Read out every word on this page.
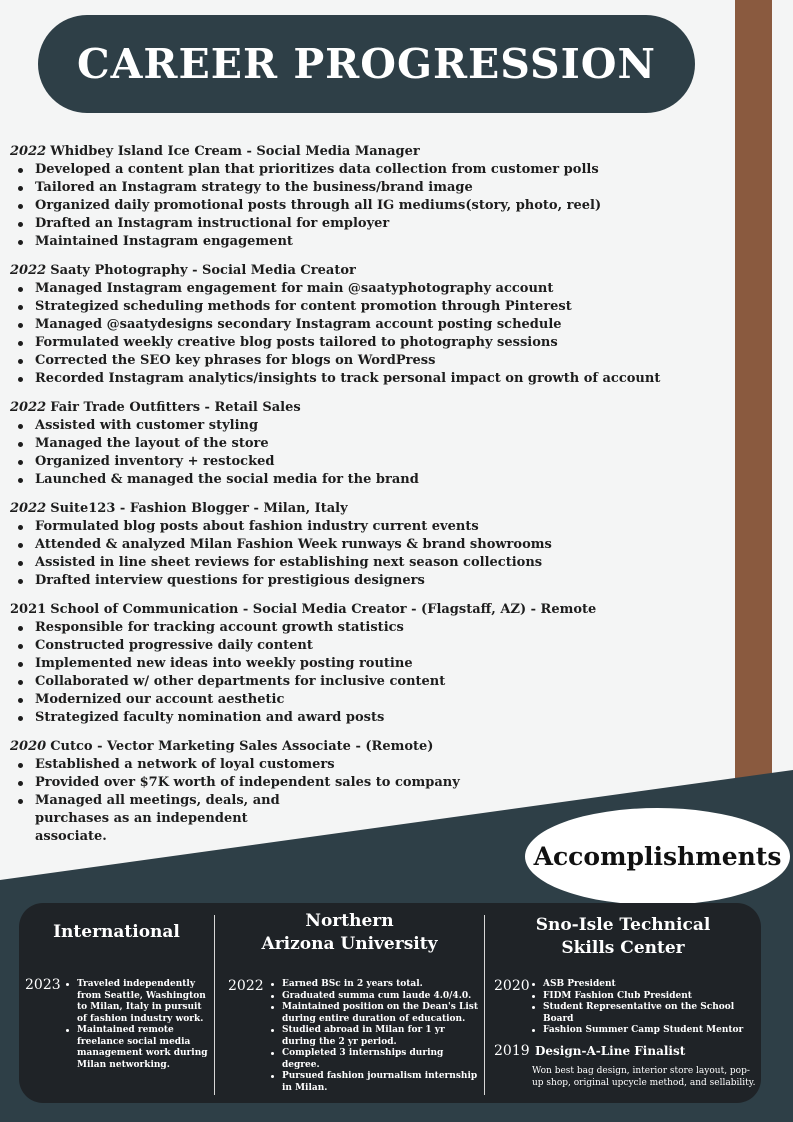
CAREER PROGRESSION
2022 Whidbey Island Ice Cream - Social Media Manager
Developed a content plan that prioritizes data collection from customer polls
Tailored an Instagram strategy to the business/brand image
Organized daily promotional posts through all IG mediums(story, photo, reel)
Drafted an Instagram instructional for employer
Maintained Instagram engagement
2022 Saaty Photography - Social Media Creator
Managed Instagram engagement for main @saatyphotography account
Strategized scheduling methods for content promotion through Pinterest
Managed @saatydesigns secondary Instagram account posting schedule
Formulated weekly creative blog posts tailored to photography sessions
Corrected the SEO key phrases for blogs on WordPress
Recorded Instagram analytics/insights to track personal impact on growth of account
2022 Fair Trade Outfitters - Retail Sales
Assisted with customer styling
Managed the layout of the store
Organized inventory + restocked
Launched & managed the social media for the brand
2022 Suite123 - Fashion Blogger - Milan, Italy
Formulated blog posts about fashion industry current events
Attended & analyzed Milan Fashion Week runways & brand showrooms
Assisted in line sheet reviews for establishing next season collections
Drafted interview questions for prestigious designers
2021 School of Communication - Social Media Creator - (Flagstaff, AZ) - Remote
Responsible for tracking account growth statistics
Constructed progressive daily content
Implemented new ideas into weekly posting routine
Collaborated w/ other departments for inclusive content
Modernized our account aesthetic
Strategized faculty nomination and award posts
2020 Cutco - Vector Marketing Sales Associate - (Remote)
Established a network of loyal customers
Provided over $7K worth of independent sales to company
Managed all meetings, deals, and purchases as an independent associate.
Accomplishments
International
2023	Traveled independently from Seattle, Washington to Milan, Italy in pursuit of fashion industry work.
Maintained remote freelance social media management work during Milan networking.
Northern
Arizona University
2022	Earned BSc in 2 years total.
Graduated summa cum laude 4.0/4.0.
Maintained position on the Dean's List during entire duration of education.
Studied abroad in Milan for 1 yr during the 2 yr period.
Completed 3 internships during degree.
Pursued fashion journalism internship in Milan.
Sno-Isle Technical
Skills Center
2020	ASB President
FIDM Fashion Club President
Student Representative on the School Board
Fashion Summer Camp Student Mentor
2019 Design-A-Line Finalist
Won best bag design, interior store layout, pop-up shop, original upcycle method, and sellability.
